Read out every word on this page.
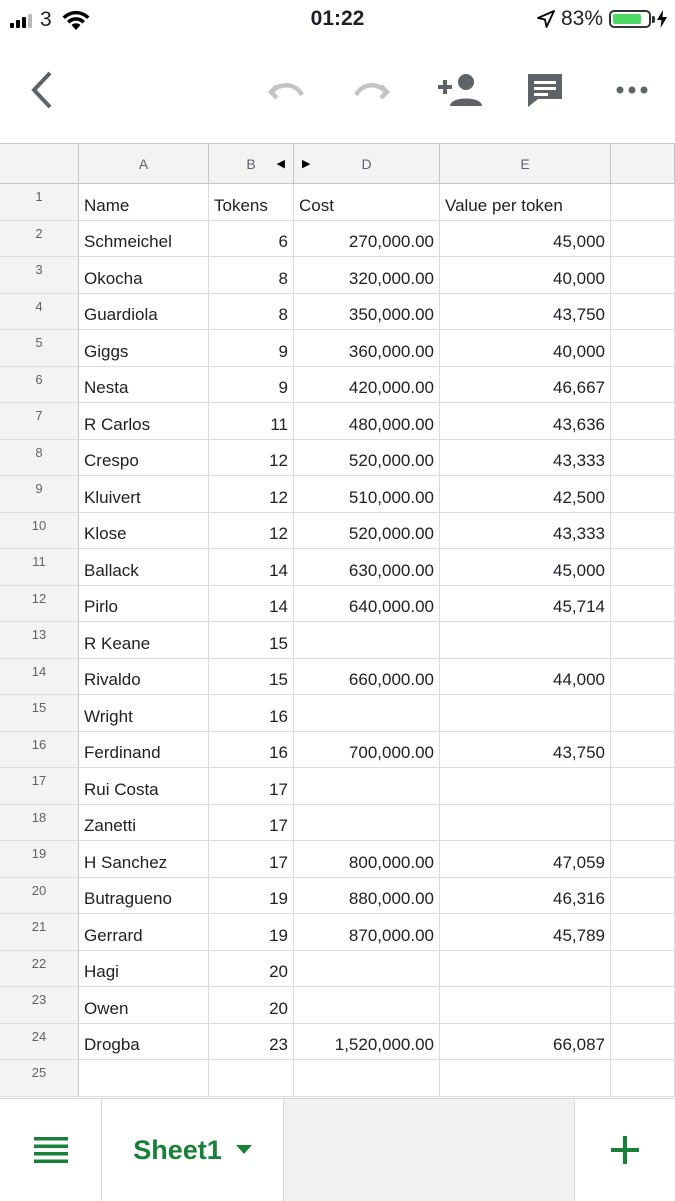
3	01:22	83%
A	B ◀ ▶	D	E
1	Name	Tokens	Cost	Value per token
2	Schmeichel	6	270,000.00	45,000
3	Okocha	8	320,000.00	40,000
4	Guardiola	8	350,000.00	43,750
5	Giggs	9	360,000.00	40,000
6	Nesta	9	420,000.00	46,667
7	R Carlos	11	480,000.00	43,636
8	Crespo	12	520,000.00	43,333
9	Kluivert	12	510,000.00	42,500
10	Klose	12	520,000.00	43,333
11	Ballack	14	630,000.00	45,000
12	Pirlo	14	640,000.00	45,714
13	R Keane	15
14	Rivaldo	15	660,000.00	44,000
15	Wright	16
16	Ferdinand	16	700,000.00	43,750
17	Rui Costa	17
18	Zanetti	17
19	H Sanchez	17	800,000.00	47,059
20	Butragueno	19	880,000.00	46,316
21	Gerrard	19	870,000.00	45,789
22	Hagi	20
23	Owen	20
24	Drogba	23	1,520,000.00	66,087
25
Sheet1
